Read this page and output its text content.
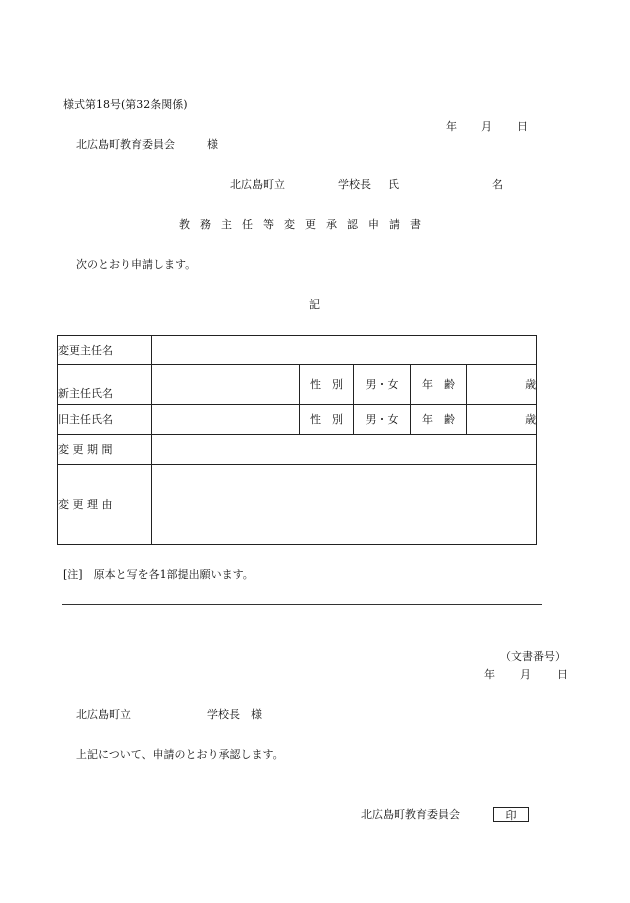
様式第18号(第32条関係)
年 月 日
北広島町教育委員会	様
北広島町立	学校長 氏	名
教務主任等変更承認申請書
次のとおり申請します。
記
変更主任名					
新主任氏名		性　別	男・女	年　齢	歳
旧主任氏名		性　別	男・女	年　齢	歳
変 更 期 間					
変 更 理 由					
[注]　原本と写を各1部提出願います。
（文書番号）
年 月 日
北広島町立	学校長　様
上記について、申請のとおり承認します。
北広島町教育委員会	印
